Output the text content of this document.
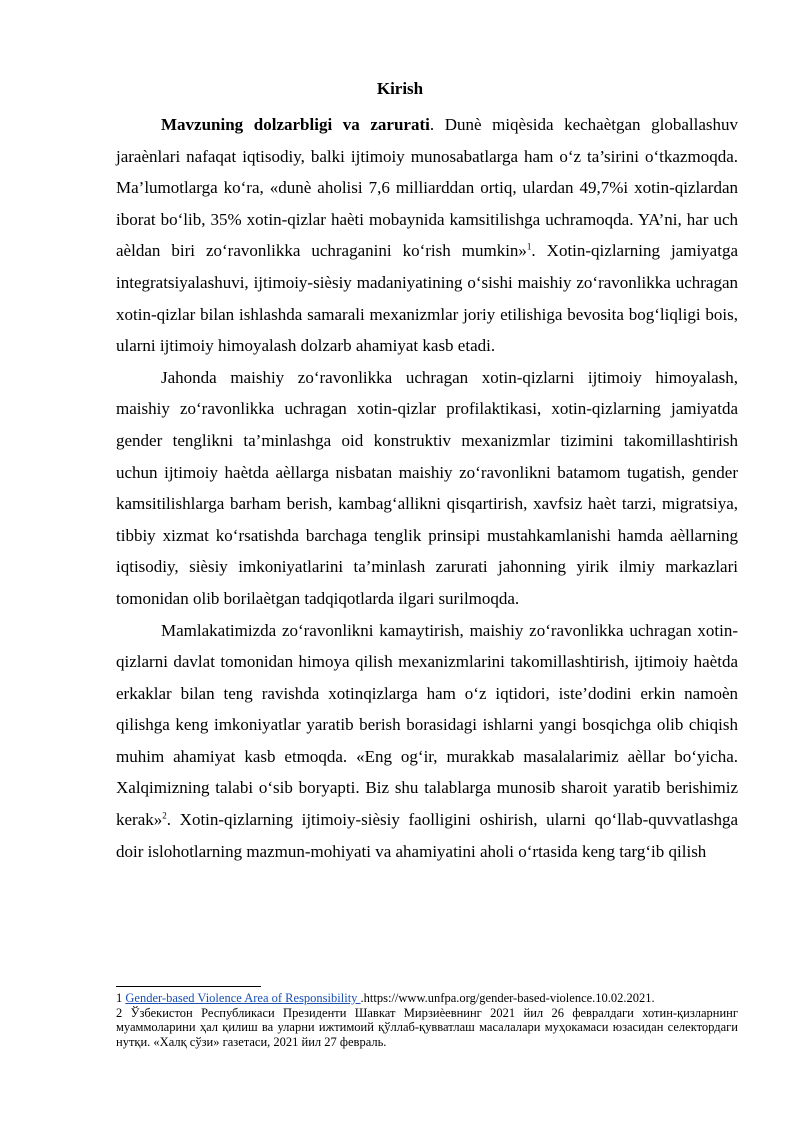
Kirish

Mavzuning dolzarbligi va zarurati. Dunè miqèsida kechaètgan globallashuv jaraènlari nafaqat iqtisodiy, balki ijtimoiy munosabatlarga ham o‘z ta’sirini o‘tkazmoqda. Ma’lumotlarga ko‘ra, «dunè aholisi 7,6 milliarddan ortiq, ulardan 49,7%i xotin-qizlardan iborat bo‘lib, 35% xotin-qizlar haèti mobaynida kamsitilishga uchramoqda. YA’ni, har uch aèldan biri zo‘ravonlikka uchraganini ko‘rish mumkin»$^1$. Xotin-qizlarning jamiyatga integratsiyalashuvi, ijtimoiy-sièsiy madaniyatining o‘sishi maishiy zo‘ravonlikka uchragan xotin-qizlar bilan ishlashda samarali mexanizmlar joriy etilishiga bevosita bog‘liqligi bois, ularni ijtimoiy himoyalash dolzarb ahamiyat kasb etadi.

Jahonda maishiy zo‘ravonlikka uchragan xotin-qizlarni ijtimoiy himoyalash, maishiy zo‘ravonlikka uchragan xotin-qizlar profilaktikasi, xotin-qizlarning jamiyatda gender tenglikni ta’minlashga oid konstruktiv mexanizmlar tizimini takomillashtirish uchun ijtimoiy haètda aèllarga nisbatan maishiy zo‘ravonlikni batamom tugatish, gender kamsitilishlarga barham berish, kambag‘allikni qisqartirish, xavfsiz haèt tarzi, migratsiya, tibbiy xizmat ko‘rsatishda barchaga tenglik prinsipi mustahkamlanishi hamda aèllarning iqtisodiy, sièsiy imkoniyatlarini ta’minlash zarurati jahonning yirik ilmiy markazlari tomonidan olib borilaètgan tadqiqotlarda ilgari surilmoqda.

Mamlakatimizda zo‘ravonlikni kamaytirish, maishiy zo‘ravonlikka uchragan xotin-qizlarni davlat tomonidan himoya qilish mexanizmlarini takomillashtirish, ijtimoiy haètda erkaklar bilan teng ravishda xotinqizlarga ham o‘z iqtidori, iste’dodini erkin namoèn qilishga keng imkoniyatlar yaratib berish borasidagi ishlarni yangi bosqichga olib chiqish muhim ahamiyat kasb etmoqda. «Eng og‘ir, murakkab masalalarimiz aèllar bo‘yicha. Xalqimizning talabi o‘sib boryapti. Biz shu talablarga munosib sharoit yaratib berishimiz kerak»$^2$. Xotin-qizlarning ijtimoiy-sièsiy faolligini oshirish, ularni qo‘llab-quvvatlashga doir islohotlarning mazmun-mohiyati va ahamiyatini aholi o‘rtasida keng targ‘ib qilish

1 Gender-based Violence Area of Responsibility .https://www.unfpa.org/gender-based-violence.10.02.2021.

2 Ўзбекистон Республикаси Президенти Шавкат Мирзиèевнинг 2021 йил 26 февралдаги хотин-қизларнинг муаммоларини ҳал қилиш ва уларни ижтимоий қўллаб-қувватлаш масалалари муҳокамаси юзасидан селектордаги нутқи. «Халқ сўзи» газетаси, 2021 йил 27 февраль.
